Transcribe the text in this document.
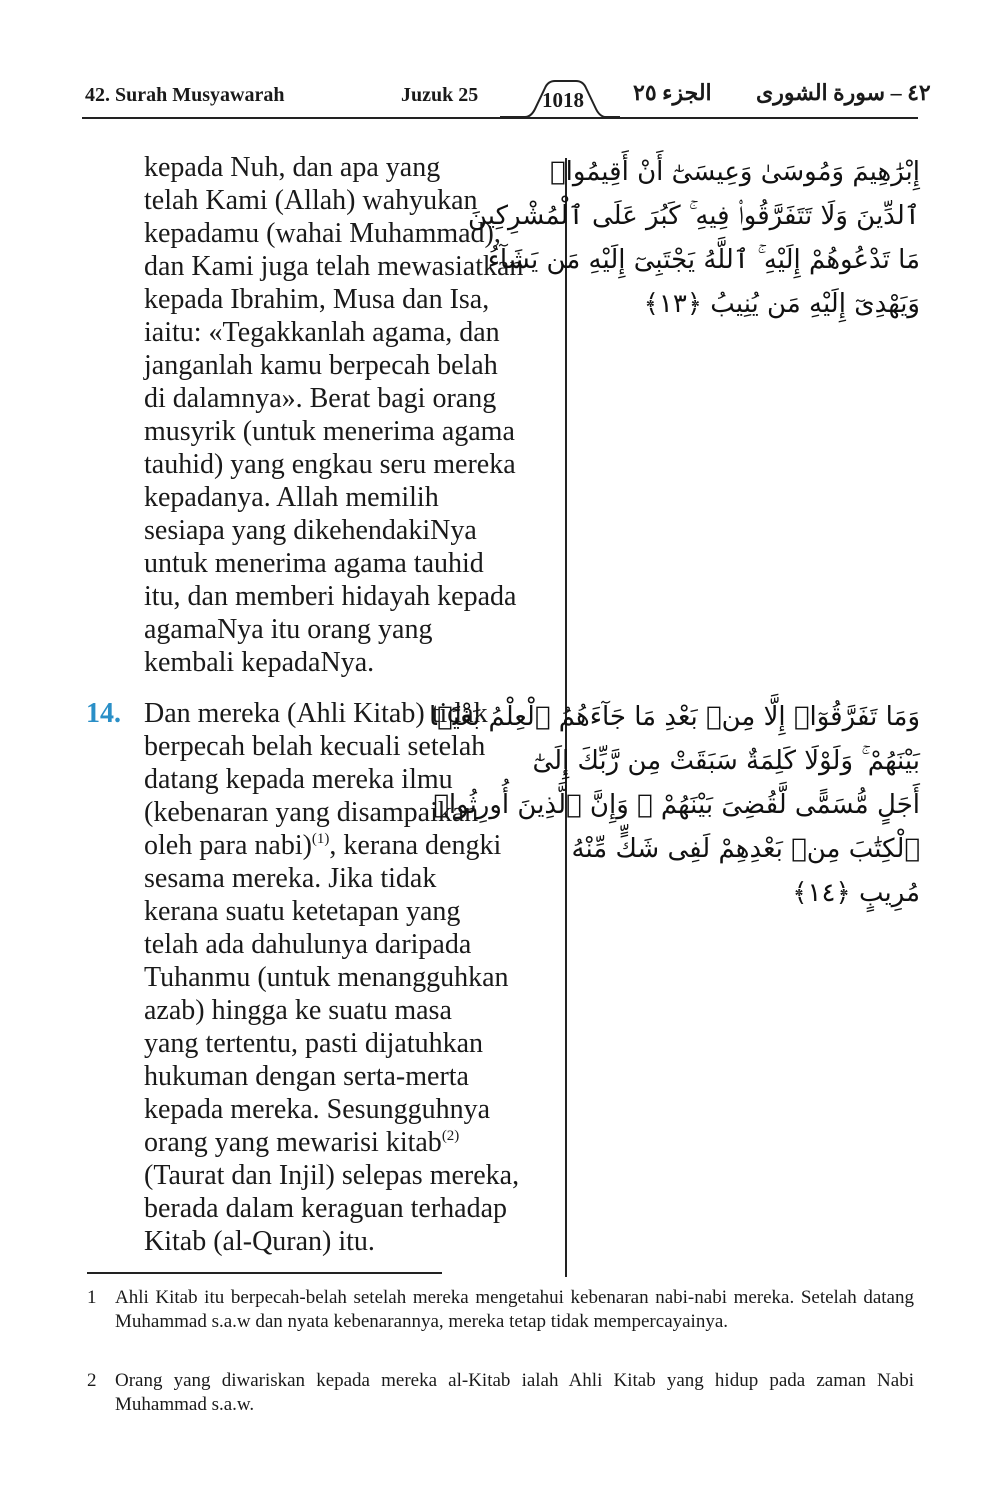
42. Surah Musyawarah	Juzuk 25	1018	الجزء ٢٥ ٤٢ – سورة الشورى
kepada Nuh, dan apa yang
telah Kami (Allah) wahyukan
kepadamu (wahai Muhammad),
dan Kami juga telah mewasiatkan
kepada Ibrahim, Musa dan Isa,
iaitu: «Tegakkanlah agama, dan
janganlah kamu berpecah belah
di dalamnya». Berat bagi orang
musyrik (untuk menerima agama
tauhid) yang engkau seru mereka
kepadanya. Allah memilih
sesiapa yang dikehendakiNya
untuk menerima agama tauhid
itu, dan memberi hidayah kepada
agamaNya itu orang yang
kembali kepadaNya.
إِبْرَٰهِيمَ وَمُوسَىٰ وَعِيسَىٰٓ أَنْ أَقِيمُوا۟
ٱلدِّينَ وَلَا تَتَفَرَّقُوا۟ فِيهِ ۚ كَبُرَ عَلَى ٱلْمُشْرِكِينَ
مَا تَدْعُوهُمْ إِلَيْهِ ۚ ٱللَّهُ يَجْتَبِىٓ إِلَيْهِ مَن يَشَآءُ
وَيَهْدِىٓ إِلَيْهِ مَن يُنِيبُ ﴿١٣﴾
14. Dan mereka (Ahli Kitab) tidak
berpecah belah kecuali setelah
datang kepada mereka ilmu
(kebenaran yang disampaikan
oleh para nabi)$^{(1)}$, kerana dengki
sesama mereka. Jika tidak
kerana suatu ketetapan yang
telah ada dahulunya daripada
Tuhanmu (untuk menangguhkan
azab) hingga ke suatu masa
yang tertentu, pasti dijatuhkan
hukuman dengan serta-merta
kepada mereka. Sesungguhnya
orang yang mewarisi kitab$^{(2)}$
(Taurat dan Injil) selepas mereka,
berada dalam keraguan terhadap
Kitab (al-Quran) itu.
وَمَا تَفَرَّقُوٓا۟ إِلَّا مِنۢ بَعْدِ مَا جَآءَهُمُ ٱلْعِلْمُ بَغْيًۢا
بَيْنَهُمْ ۚ وَلَوْلَا كَلِمَةٌ سَبَقَتْ مِن رَّبِّكَ إِلَىٰٓ
أَجَلٍ مُّسَمًّى لَّقُضِىَ بَيْنَهُمْ ۚ وَإِنَّ ٱلَّذِينَ أُورِثُوا۟
ٱلْكِتَٰبَ مِنۢ بَعْدِهِمْ لَفِى شَكٍّ مِّنْهُ
مُرِيبٍ ﴿١٤﴾
1 Ahli Kitab itu berpecah-belah setelah mereka mengetahui kebenaran nabi-nabi mereka. Setelah datang Muhammad s.a.w dan nyata kebenarannya, mereka tetap tidak mempercayainya.
2 Orang yang diwariskan kepada mereka al-Kitab ialah Ahli Kitab yang hidup pada zaman Nabi Muhammad s.a.w.
